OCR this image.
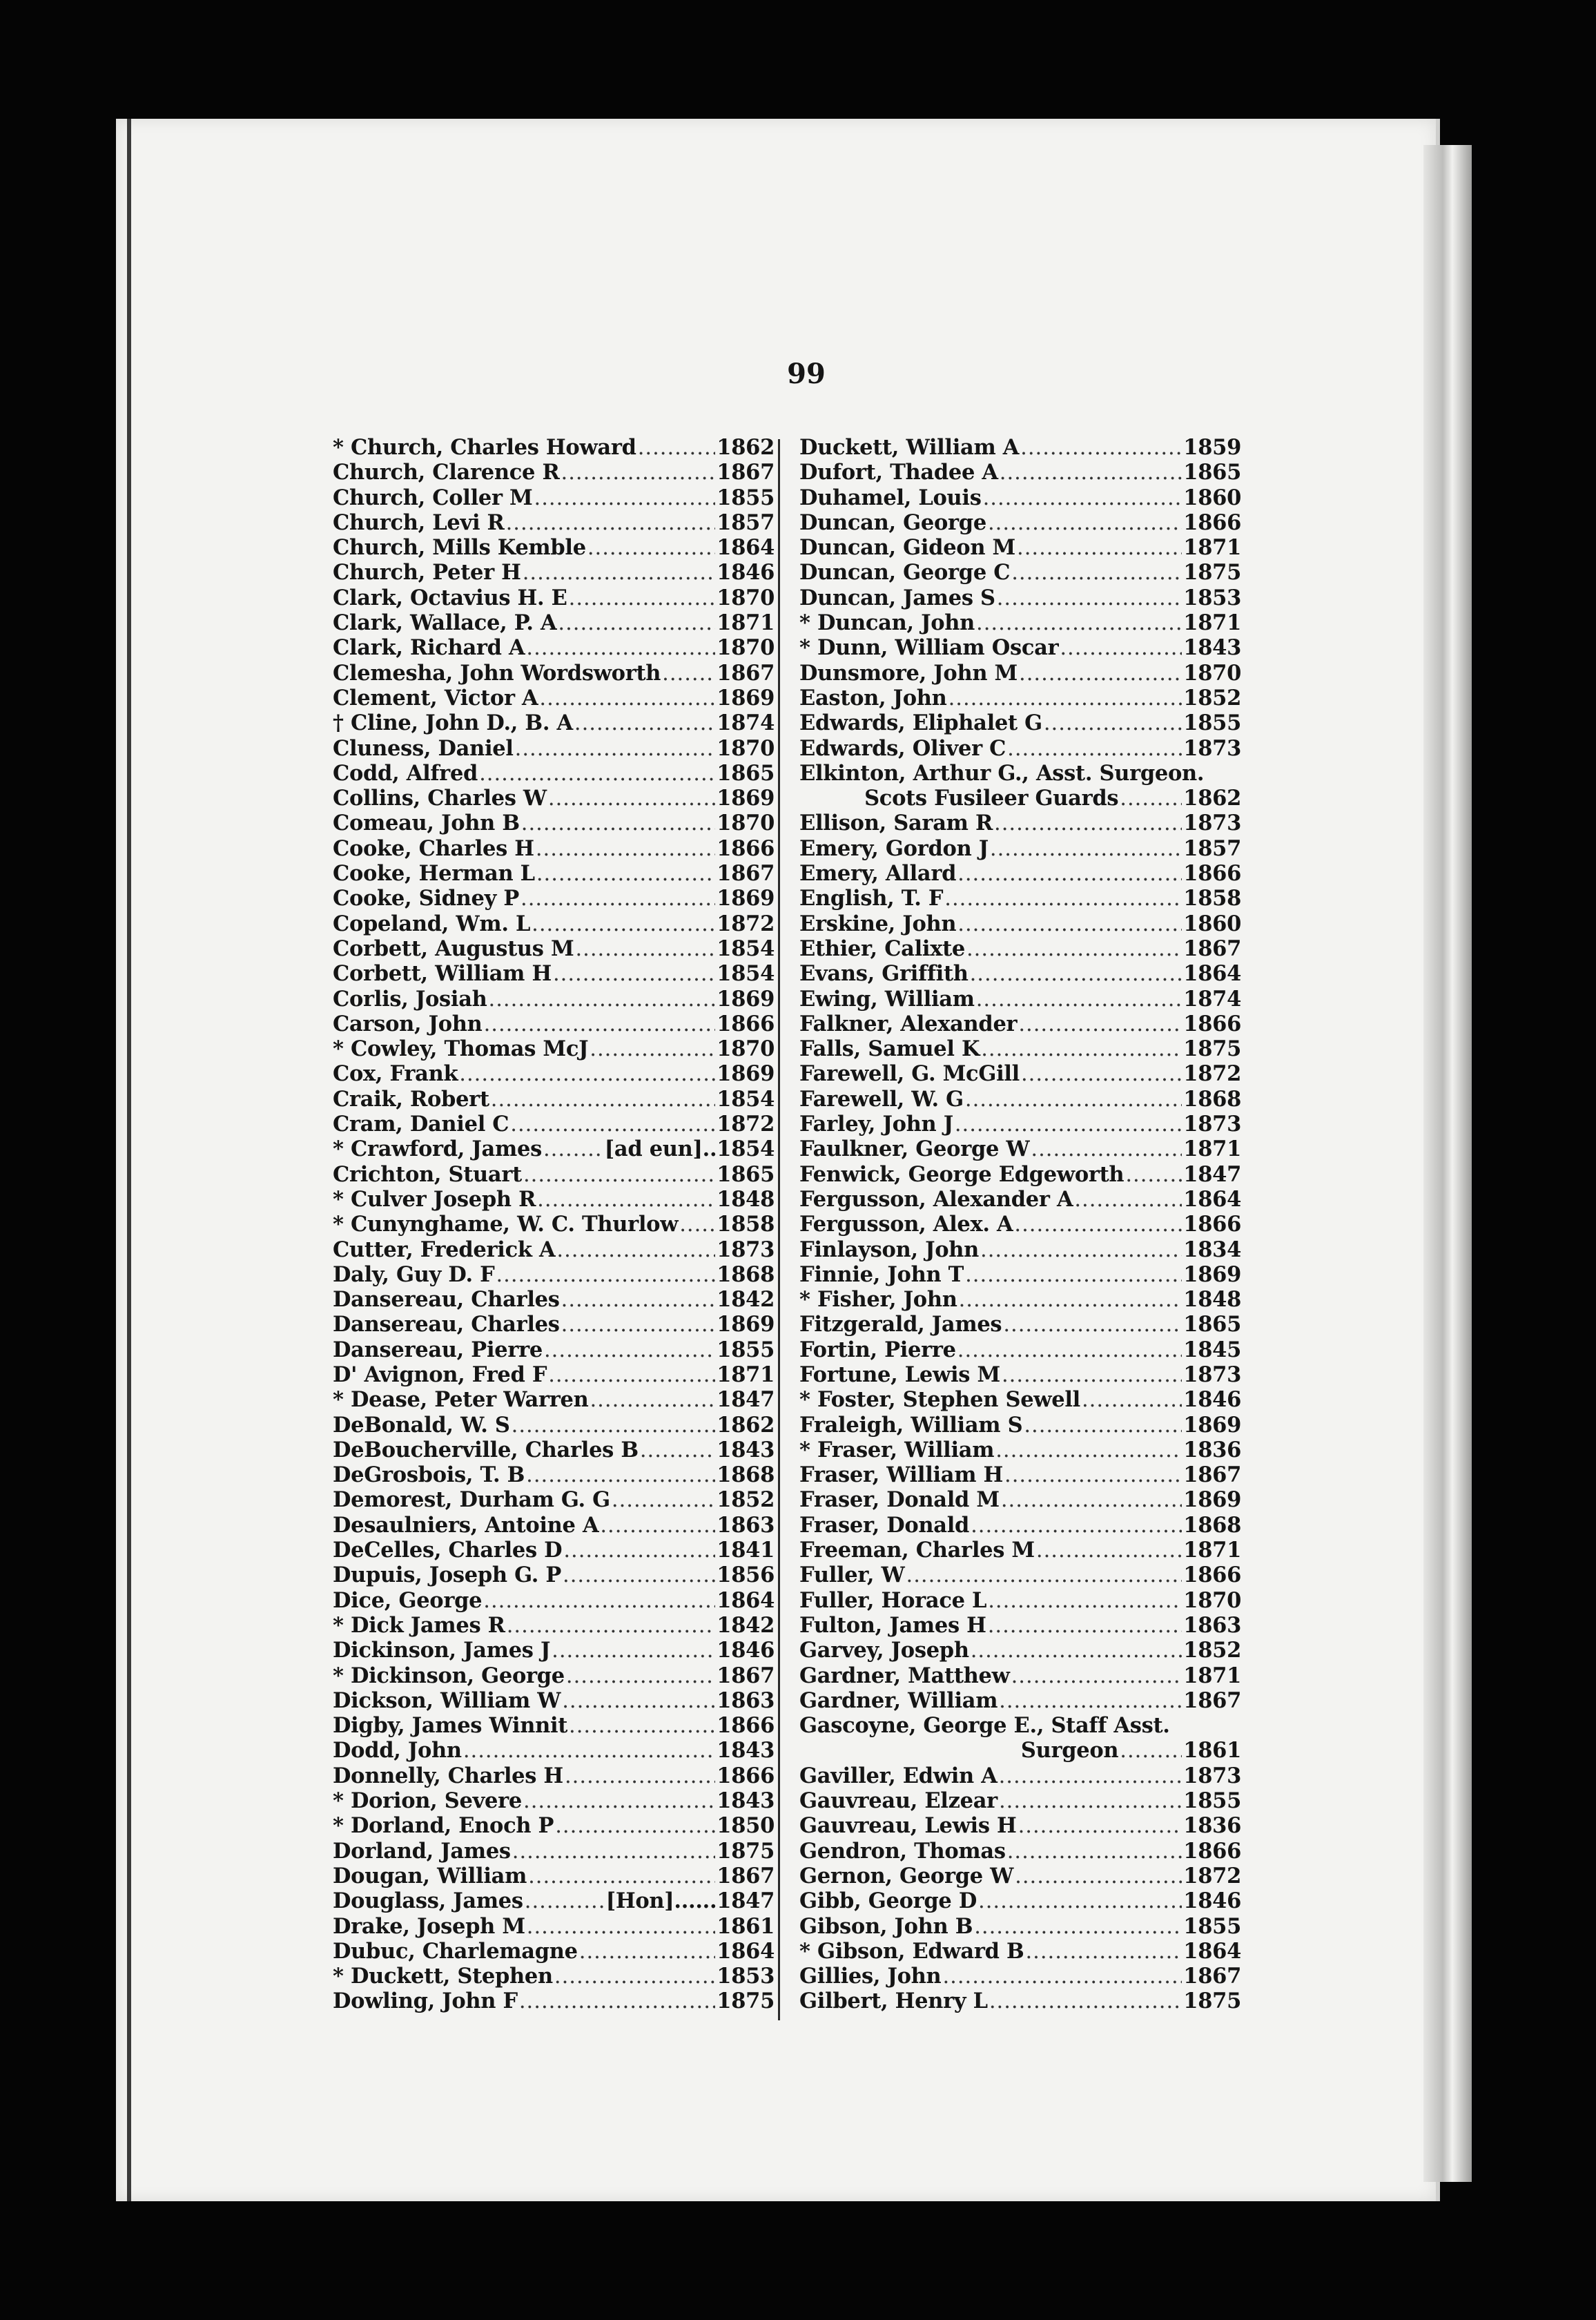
99
* Church, Charles Howard .....	1862
Church, Clarence R .....	1867
Church, Coller M .....	1855
Church, Levi R .....	1857
Church, Mills Kemble .....	1864
Church, Peter H .....	1846
Clark, Octavius H. E .....	1870
Clark, Wallace, P. A .....	1871
Clark, Richard A .....	1870
Clemesha, John Wordsworth .....	1867
Clement, Victor A .....	1869
† Cline, John D., B. A .....	1874
Cluness, Daniel .....	1870
Codd, Alfred .....	1865
Collins, Charles W .....	1869
Comeau, John B .....	1870
Cooke, Charles H .....	1866
Cooke, Herman L .....	1867
Cooke, Sidney P .....	1869
Copeland, Wm. L .....	1872
Corbett, Augustus M .....	1854
Corbett, William H .....	1854
Corlis, Josiah .....	1869
Carson, John .....	1866
* Cowley, Thomas McJ .....	1870
Cox, Frank .....	1869
Craik, Robert .....	1854
Cram, Daniel C .....	1872
* Crawford, James .....	[ad eun]..1854
Crichton, Stuart .....	1865
* Culver Joseph R .....	1848
* Cunynghame, W. C. Thurlow ..... 1858
Cutter, Frederick A .....	1873
Daly, Guy D. F .....	1868
Dansereau, Charles .....	1842
Dansereau, Charles .....	1869
Dansereau, Pierre .....	1855
D' Avignon, Fred F .....	1871
* Dease, Peter Warren .....	1847
DeBonald, W. S .....	1862
DeBoucherville, Charles B .....	1843
DeGrosbois, T. B .....	1868
Demorest, Durham G. G .....	1852
Desaulniers, Antoine A .....	1863
DeCelles, Charles D .....	1841
Dupuis, Joseph G. P .....	1856
Dice, George .....	1864
* Dick James R .....	1842
Dickinson, James J .....	1846
* Dickinson, George .....	1867
Dickson, William W .....	1863
Digby, James Winnit .....	1866
Dodd, John .....	1843
Donnelly, Charles H .....	1866
* Dorion, Severe .....	1843
* Dorland, Enoch P .....	1850
Dorland, James .....	1875
Dougan, William .....	1867
Douglass, James .....	[Hon]......1847
Drake, Joseph M .....	1861
Dubuc, Charlemagne .....	1864
* Duckett, Stephen .....	1853
Dowling, John F .....	1875
Duckett, William A .....	1859
Dufort, Thadee A .....	1865
Duhamel, Louis .....	1860
Duncan, George .....	1866
Duncan, Gideon M .....	1871
Duncan, George C .....	1875
Duncan, James S .....	1853
* Duncan, John .....	1871
* Dunn, William Oscar .....	1843
Dunsmore, John M .....	1870
Easton, John .....	1852
Edwards, Eliphalet G .....	1855
Edwards, Oliver C .....	1873
Elkinton, Arthur G., Asst. Surgeon.
Scots Fusileer Guards .....	1862
Ellison, Saram R .....	1873
Emery, Gordon J .....	1857
Emery, Allard .....	1866
English, T. F .....	1858
Erskine, John .....	1860
Ethier, Calixte .....	1867
Evans, Griffith .....	1864
Ewing, William .....	1874
Falkner, Alexander .....	1866
Falls, Samuel K .....	1875
Farewell, G. McGill .....	1872
Farewell, W. G .....	1868
Farley, John J .....	1873
Faulkner, George W .....	1871
Fenwick, George Edgeworth .....	1847
Fergusson, Alexander A .....	1864
Fergusson, Alex. A .....	1866
Finlayson, John .....	1834
Finnie, John T .....	1869
* Fisher, John .....	1848
Fitzgerald, James .....	1865
Fortin, Pierre .....	1845
Fortune, Lewis M .....	1873
* Foster, Stephen Sewell .....	1846
Fraleigh, William S .....	1869
* Fraser, William .....	1836
Fraser, William H .....	1867
Fraser, Donald M .....	1869
Fraser, Donald .....	1868
Freeman, Charles M .....	1871
Fuller, W .....	1866
Fuller, Horace L .....	1870
Fulton, James H .....	1863
Garvey, Joseph .....	1852
Gardner, Matthew .....	1871
Gardner, William .....	1867
Gascoyne, George E., Staff Asst.
Surgeon .....	1861
Gaviller, Edwin A .....	1873
Gauvreau, Elzear .....	1855
Gauvreau, Lewis H .....	1836
Gendron, Thomas .....	1866
Gernon, George W .....	1872
Gibb, George D .....	1846
Gibson, John B .....	1855
* Gibson, Edward B .....	1864
Gillies, John .....	1867
Gilbert, Henry L .....	1875
